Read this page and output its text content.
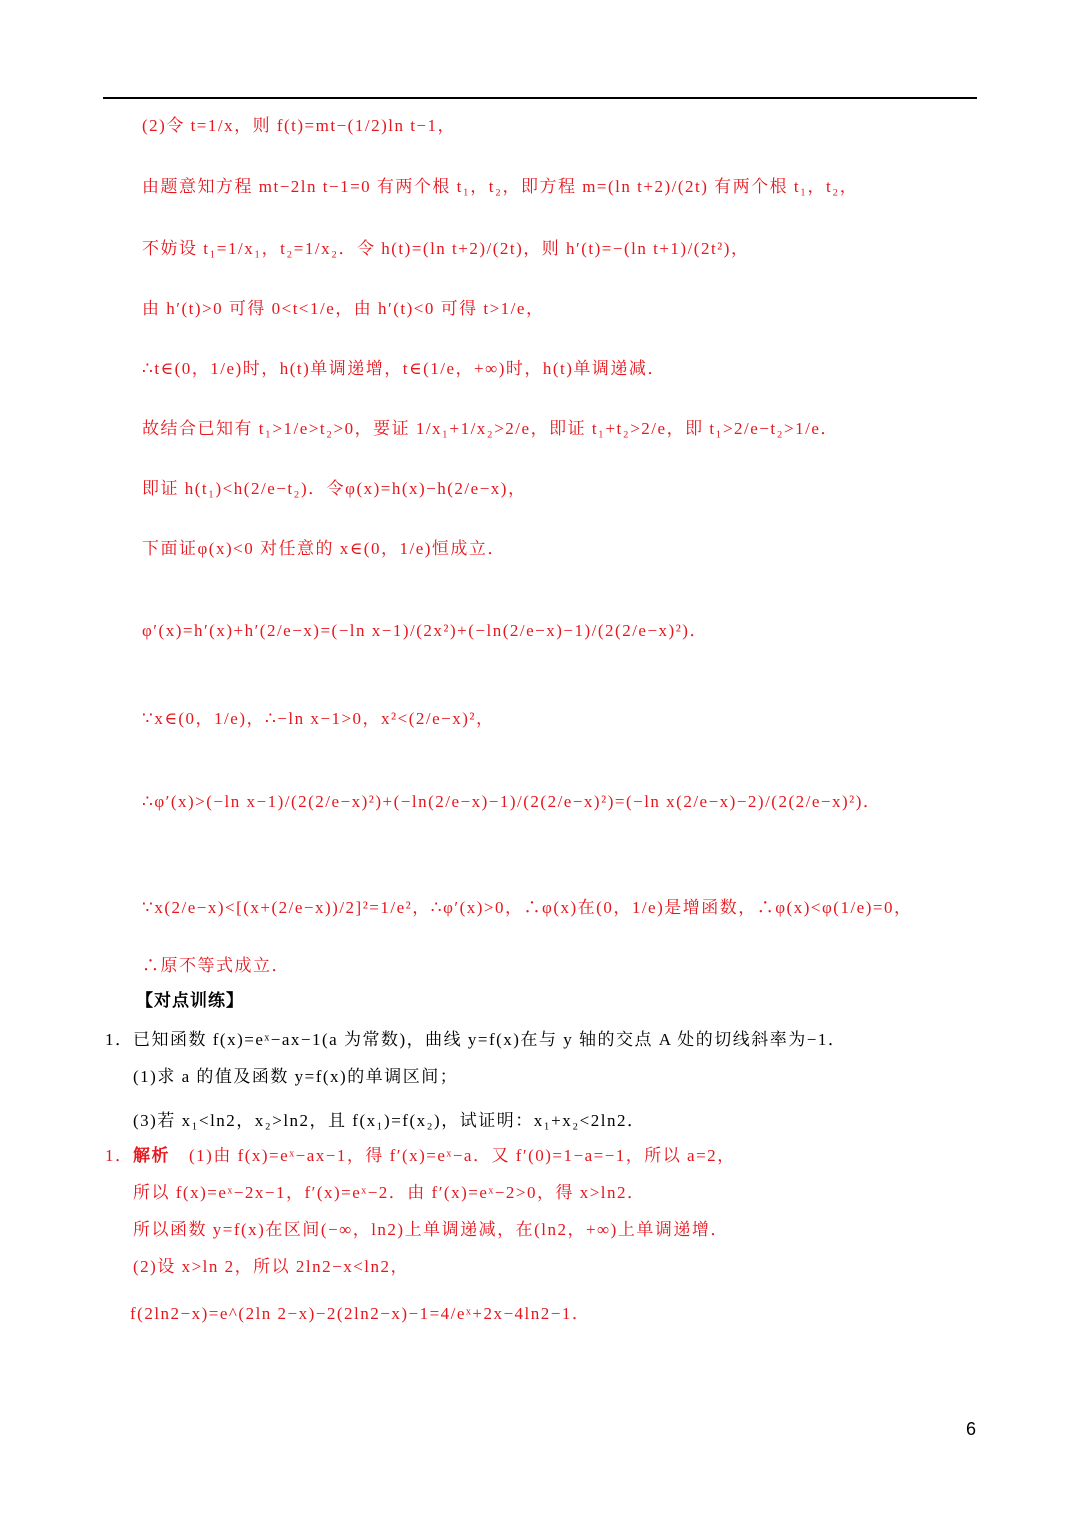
(2)令 t=1/x，则 f(t)=mt−(1/2)ln t−1，
由题意知方程 mt−2ln t−1=0 有两个根 t₁，t₂，即方程 m=(ln t+2)/(2t) 有两个根 t₁，t₂，
不妨设 t₁=1/x₁，t₂=1/x₂．令 h(t)=(ln t+2)/(2t)，则 h′(t)=−(ln t+1)/(2t²)，
由 h′(t)>0 可得 0<t<1/e，由 h′(t)<0 可得 t>1/e，
∴t∈(0，1/e)时，h(t)单调递增，t∈(1/e，+∞)时，h(t)单调递减．
故结合已知有 t₁>1/e>t₂>0，要证 1/x₁+1/x₂>2/e，即证 t₁+t₂>2/e，即 t₁>2/e−t₂>1/e．
即证 h(t₁)<h(2/e−t₂)．令φ(x)=h(x)−h(2/e−x)，
下面证φ(x)<0 对任意的 x∈(0，1/e)恒成立．
φ′(x)=h′(x)+h′(2/e−x)=(−ln x−1)/(2x²)+(−ln(2/e−x)−1)/(2(2/e−x)²)．
∵x∈(0，1/e)，∴−ln x−1>0，x²<(2/e−x)²，
∴φ′(x)>(−ln x−1)/(2(2/e−x)²)+(−ln(2/e−x)−1)/(2(2/e−x)²)=(−ln x(2/e−x)−2)/(2(2/e−x)²)．
∵x(2/e−x)<[(x+(2/e−x))/2]²=1/e²，∴φ′(x)>0，∴φ(x)在(0，1/e)是增函数，∴φ(x)<φ(1/e)=0，
∴原不等式成立．
【对点训练】
1． 已知函数 f(x)=eˣ−ax−1(a 为常数)，曲线 y=f(x)在与 y 轴的交点 A 处的切线斜率为−1．
(1)求 a 的值及函数 y=f(x)的单调区间；
(3)若 x₁<ln2，x₂>ln2，且 f(x₁)=f(x₂)，试证明：x₁+x₂<2ln2．
1． 解析 (1)由 f(x)=eˣ−ax−1，得 f′(x)=eˣ−a．又 f′(0)=1−a=−1，所以 a=2，
所以 f(x)=eˣ−2x−1，f′(x)=eˣ−2．由 f′(x)=eˣ−2>0，得 x>ln2．
所以函数 y=f(x)在区间(−∞，ln2)上单调递减，在(ln2，+∞)上单调递增．
(2)设 x>ln 2，所以 2ln2−x<ln2，
f(2ln2−x)=e^(2ln 2−x)−2(2ln2−x)−1=4/eˣ+2x−4ln2−1．
6
